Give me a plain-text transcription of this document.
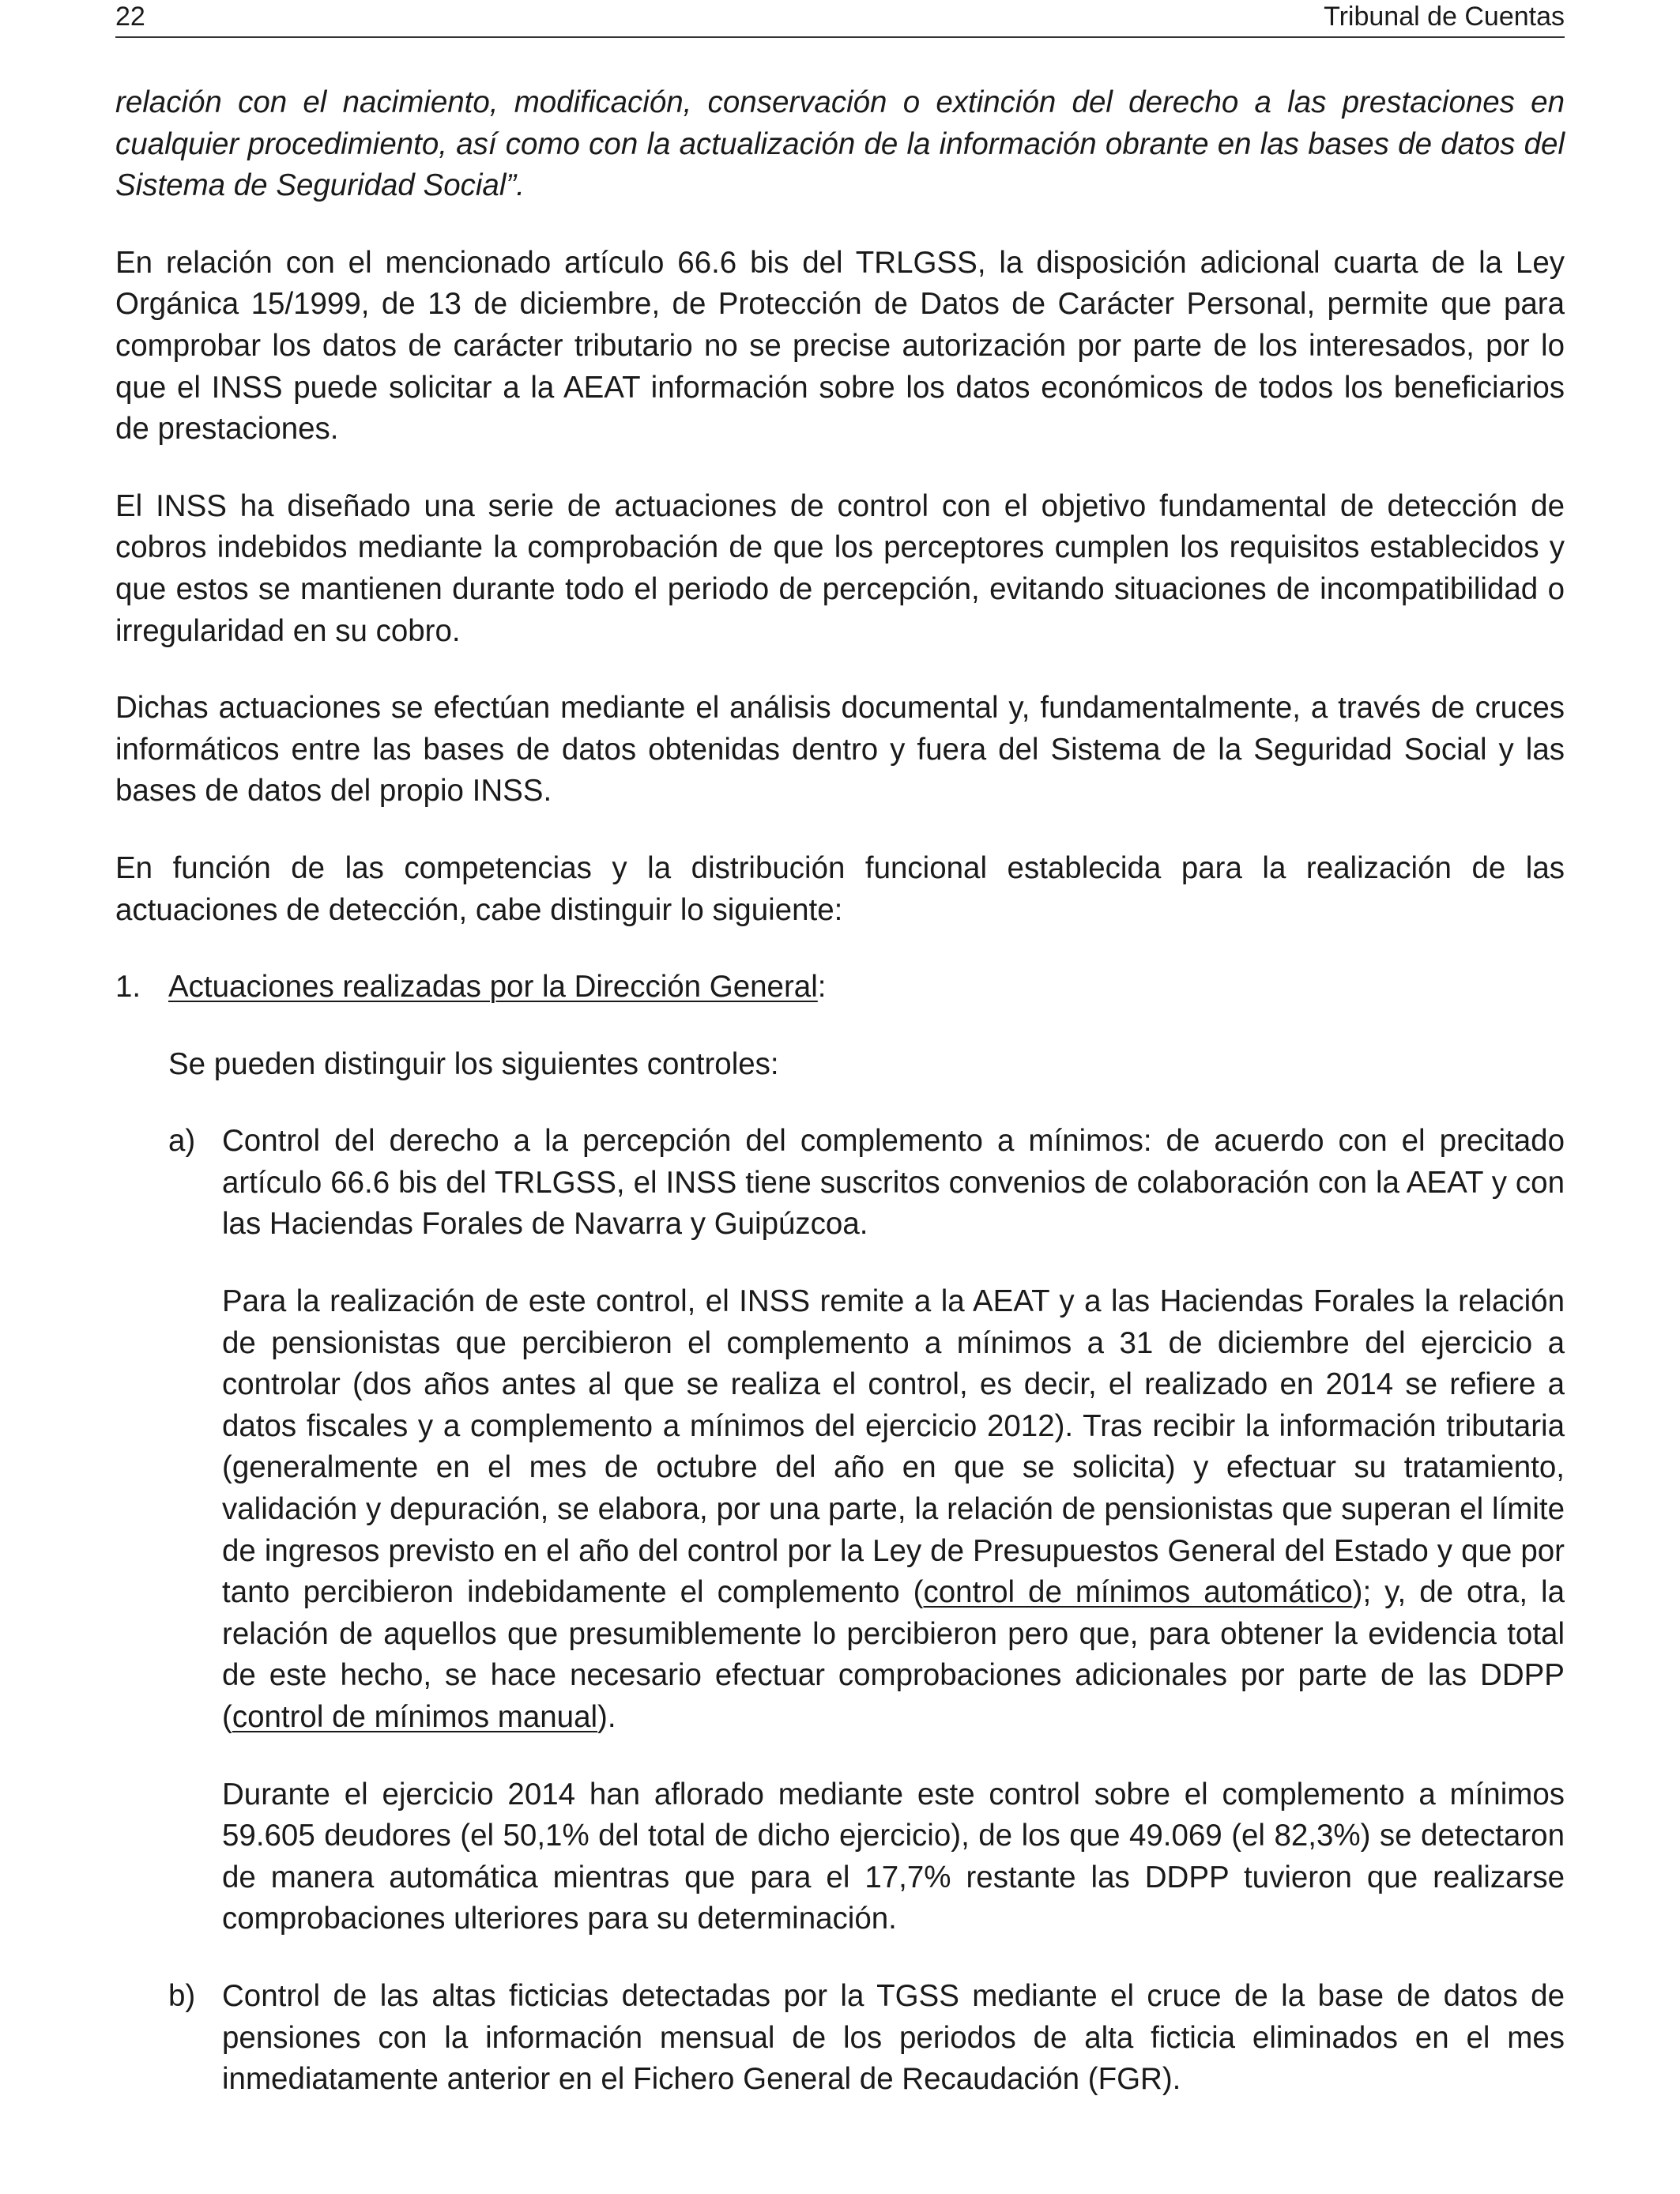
22	Tribunal de Cuentas

relación con el nacimiento, modificación, conservación o extinción del derecho a las prestaciones en cualquier procedimiento, así como con la actualización de la información obrante en las bases de datos del Sistema de Seguridad Social”.

En relación con el mencionado artículo 66.6 bis del TRLGSS, la disposición adicional cuarta de la Ley Orgánica 15/1999, de 13 de diciembre, de Protección de Datos de Carácter Personal, permite que para comprobar los datos de carácter tributario no se precise autorización por parte de los interesados, por lo que el INSS puede solicitar a la AEAT información sobre los datos económicos de todos los beneficiarios de prestaciones.

El INSS ha diseñado una serie de actuaciones de control con el objetivo fundamental de detección de cobros indebidos mediante la comprobación de que los perceptores cumplen los requisitos establecidos y que estos se mantienen durante todo el periodo de percepción, evitando situaciones de incompatibilidad o irregularidad en su cobro.

Dichas actuaciones se efectúan mediante el análisis documental y, fundamentalmente, a través de cruces informáticos entre las bases de datos obtenidas dentro y fuera del Sistema de la Seguridad Social y las bases de datos del propio INSS.

En función de las competencias y la distribución funcional establecida para la realización de las actuaciones de detección, cabe distinguir lo siguiente:

1. Actuaciones realizadas por la Dirección General:

Se pueden distinguir los siguientes controles:

a) Control del derecho a la percepción del complemento a mínimos: de acuerdo con el precitado artículo 66.6 bis del TRLGSS, el INSS tiene suscritos convenios de colaboración con la AEAT y con las Haciendas Forales de Navarra y Guipúzcoa.

Para la realización de este control, el INSS remite a la AEAT y a las Haciendas Forales la relación de pensionistas que percibieron el complemento a mínimos a 31 de diciembre del ejercicio a controlar (dos años antes al que se realiza el control, es decir, el realizado en 2014 se refiere a datos fiscales y a complemento a mínimos del ejercicio 2012). Tras recibir la información tributaria (generalmente en el mes de octubre del año en que se solicita) y efectuar su tratamiento, validación y depuración, se elabora, por una parte, la relación de pensionistas que superan el límite de ingresos previsto en el año del control por la Ley de Presupuestos General del Estado y que por tanto percibieron indebidamente el complemento (control de mínimos automático); y, de otra, la relación de aquellos que presumiblemente lo percibieron pero que, para obtener la evidencia total de este hecho, se hace necesario efectuar comprobaciones adicionales por parte de las DDPP (control de mínimos manual).

Durante el ejercicio 2014 han aflorado mediante este control sobre el complemento a mínimos 59.605 deudores (el 50,1% del total de dicho ejercicio), de los que 49.069 (el 82,3%) se detectaron de manera automática mientras que para el 17,7% restante las DDPP tuvieron que realizarse comprobaciones ulteriores para su determinación.

b) Control de las altas ficticias detectadas por la TGSS mediante el cruce de la base de datos de pensiones con la información mensual de los periodos de alta ficticia eliminados en el mes inmediatamente anterior en el Fichero General de Recaudación (FGR).
